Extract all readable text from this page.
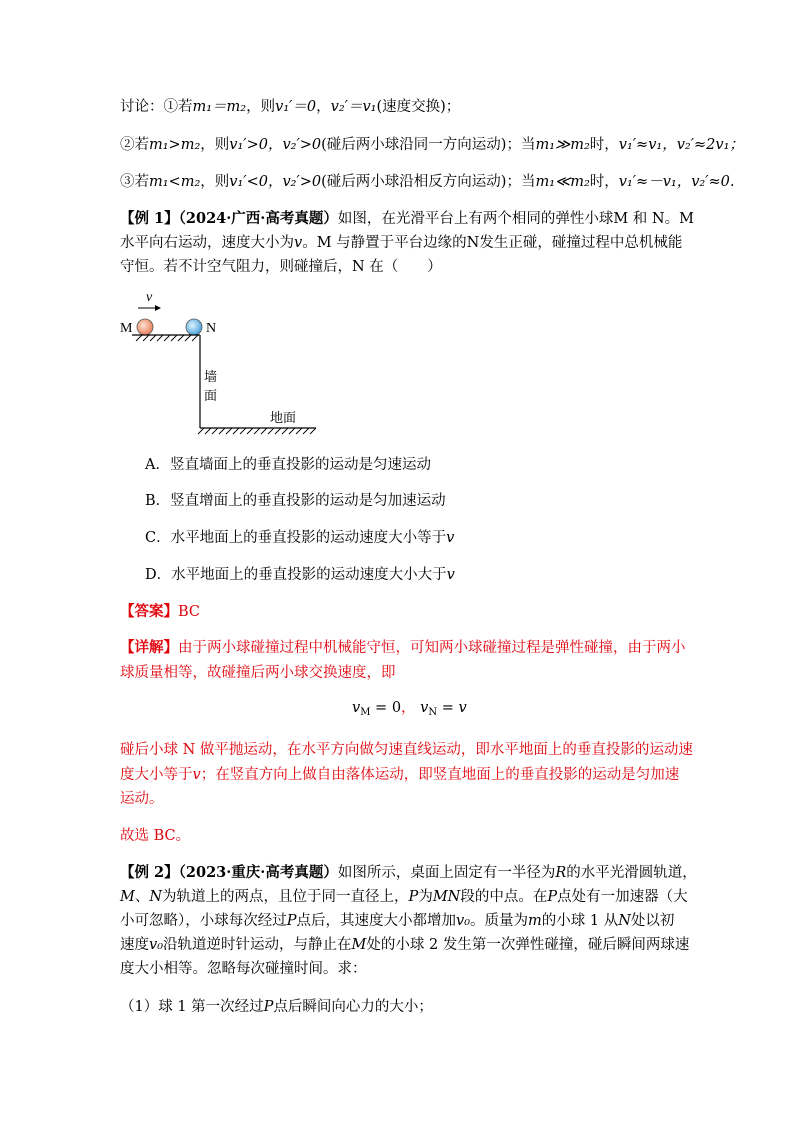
讨论：①若m₁＝m₂，则v₁′＝0，v₂′＝v₁(速度交换)；
②若m₁>m₂，则v₁′>0，v₂′>0(碰后两小球沿同一方向运动)；当m₁≫m₂时，v₁′≈v₁，v₂′≈2v₁；
③若m₁<m₂，则v₁′<0，v₂′>0(碰后两小球沿相反方向运动)；当m₁≪m₂时，v₁′≈－v₁，v₂′≈0.
【例 1】（2024·广西·高考真题）如图，在光滑平台上有两个相同的弹性小球M 和 N。M
水平向右运动，速度大小为v。M 与静置于平台边缘的N发生正碰，碰撞过程中总机械能
守恒。若不计空气阻力，则碰撞后，N 在（　　）
v
M	N
墙
面
地面
A．竖直墙面上的垂直投影的运动是匀速运动
B．竖直增面上的垂直投影的运动是匀加速运动
C．水平地面上的垂直投影的运动速度大小等于v
D．水平地面上的垂直投影的运动速度大小大于v
【答案】BC
【详解】由于两小球碰撞过程中机械能守恒，可知两小球碰撞过程是弹性碰撞，由于两小
球质量相等，故碰撞后两小球交换速度，即
$v_M = 0$， $v_N = v$
碰后小球 N 做平抛运动，在水平方向做匀速直线运动，即水平地面上的垂直投影的运动速
度大小等于v；在竖直方向上做自由落体运动，即竖直地面上的垂直投影的运动是匀加速
运动。
故选 BC。
【例 2】（2023·重庆·高考真题）如图所示，桌面上固定有一半径为R的水平光滑圆轨道，
M、N为轨道上的两点，且位于同一直径上，P为MN段的中点。在P点处有一加速器（大
小可忽略），小球每次经过P点后，其速度大小都增加v₀。质量为m的小球 1 从N处以初
速度v₀沿轨道逆时针运动，与静止在M处的小球 2 发生第一次弹性碰撞，碰后瞬间两球速
度大小相等。忽略每次碰撞时间。求：
（1）球 1 第一次经过P点后瞬间向心力的大小；
